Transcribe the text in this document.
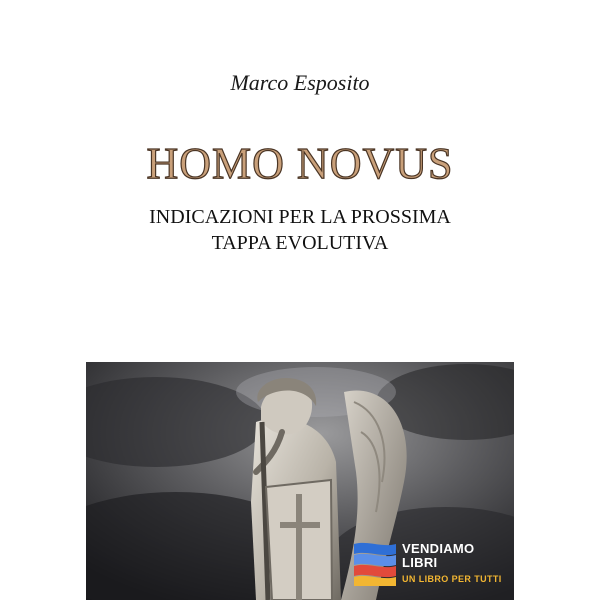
Marco Esposito
HOMO NOVUS
INDICAZIONI PER LA PROSSIMA
TAPPA EVOLUTIVA
VENDIAMO
LIBRI
UN LIBRO PER TUTTI
